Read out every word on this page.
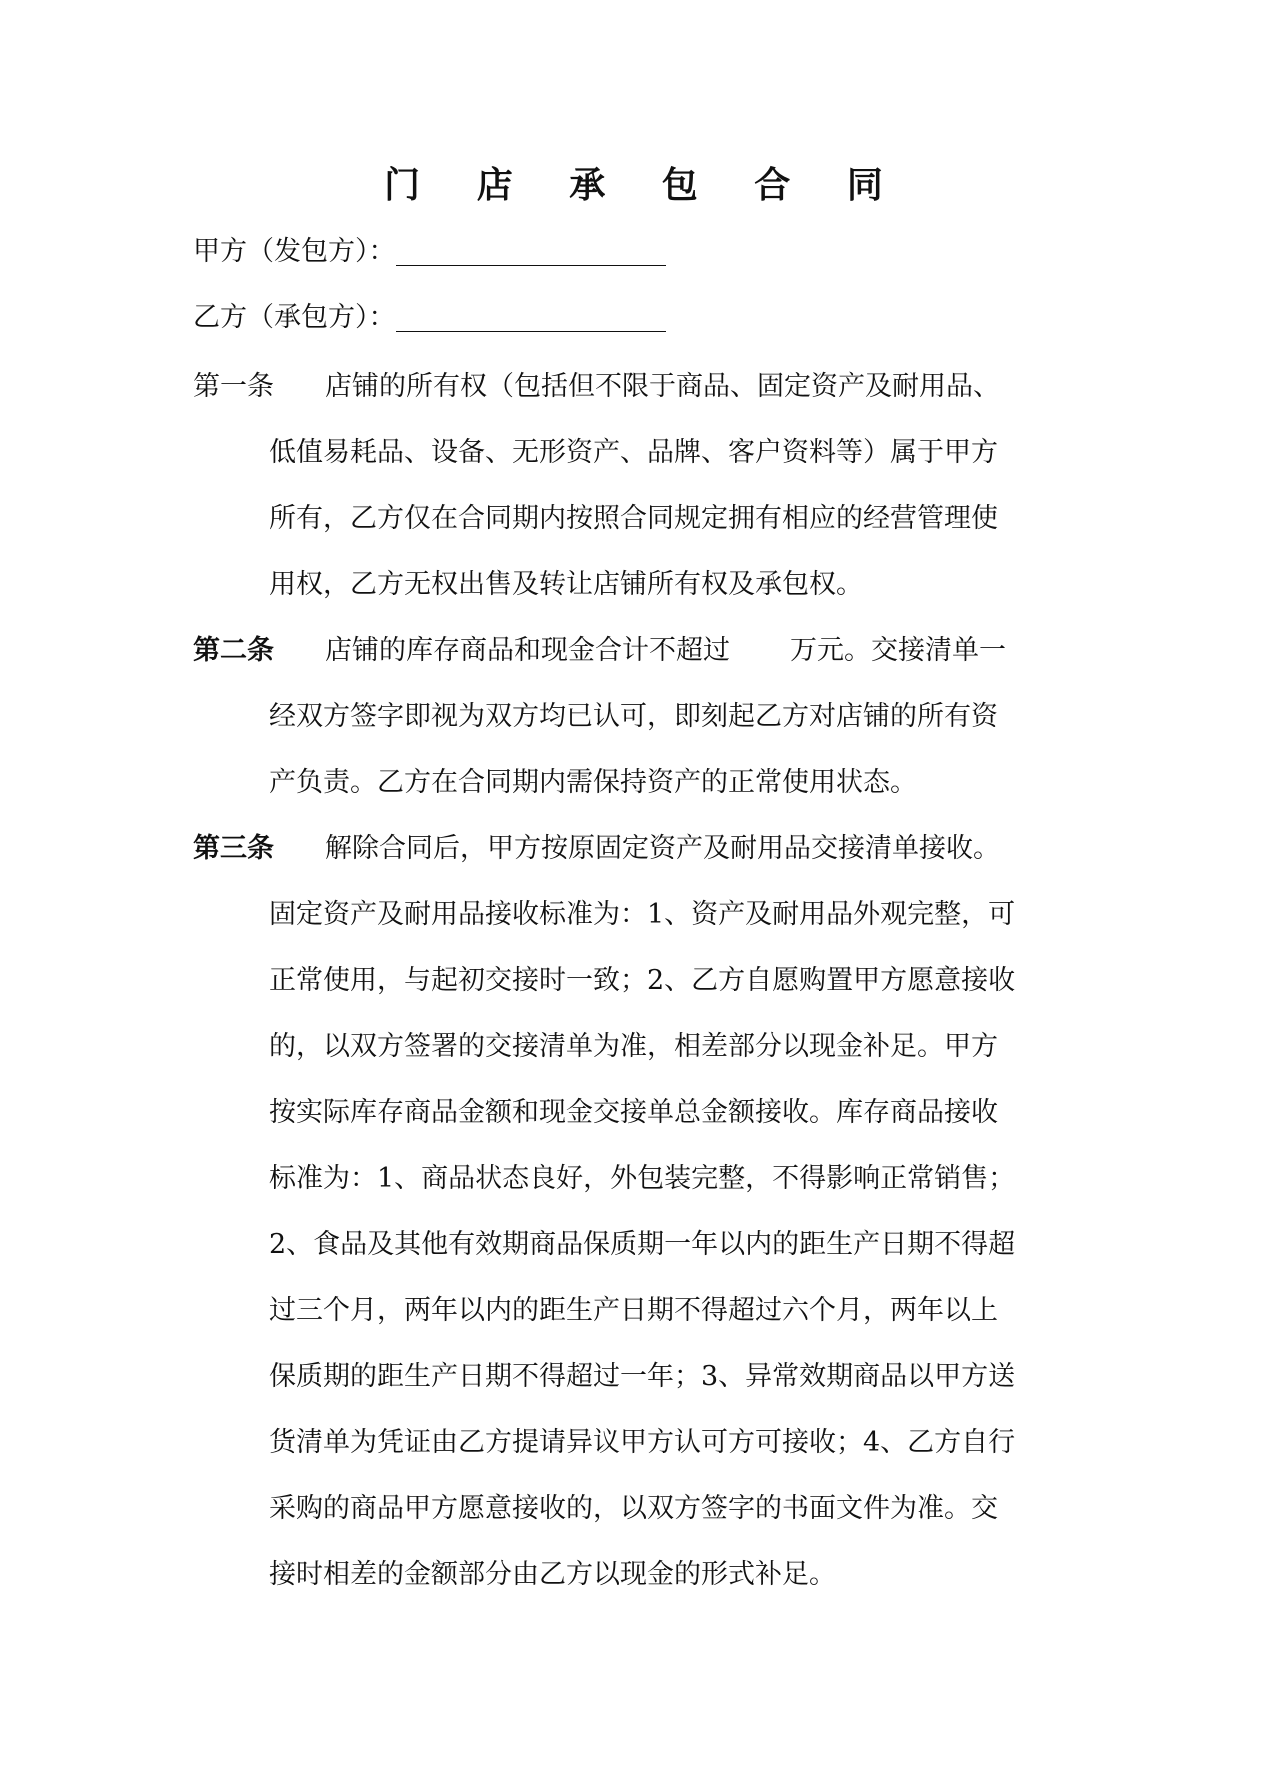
门 店 承 包 合 同
甲方（发包方）：
乙方（承包方）：
第一条 店铺的所有权（包括但不限于商品、固定资产及耐用品、
低值易耗品、设备、无形资产、品牌、客户资料等）属于甲方
所有，乙方仅在合同期内按照合同规定拥有相应的经营管理使
用权，乙方无权出售及转让店铺所有权及承包权。
第二条 店铺的库存商品和现金合计不超过 万元。交接清单一
经双方签字即视为双方均已认可，即刻起乙方对店铺的所有资
产负责。乙方在合同期内需保持资产的正常使用状态。
第三条 解除合同后，甲方按原固定资产及耐用品交接清单接收。
固定资产及耐用品接收标准为：1、资产及耐用品外观完整，可
正常使用，与起初交接时一致；2、乙方自愿购置甲方愿意接收
的，以双方签署的交接清单为准，相差部分以现金补足。甲方
按实际库存商品金额和现金交接单总金额接收。库存商品接收
标准为：1、商品状态良好，外包装完整，不得影响正常销售；
2、食品及其他有效期商品保质期一年以内的距生产日期不得超
过三个月，两年以内的距生产日期不得超过六个月，两年以上
保质期的距生产日期不得超过一年；3、异常效期商品以甲方送
货清单为凭证由乙方提请异议甲方认可方可接收；4、乙方自行
采购的商品甲方愿意接收的，以双方签字的书面文件为准。交
接时相差的金额部分由乙方以现金的形式补足。
